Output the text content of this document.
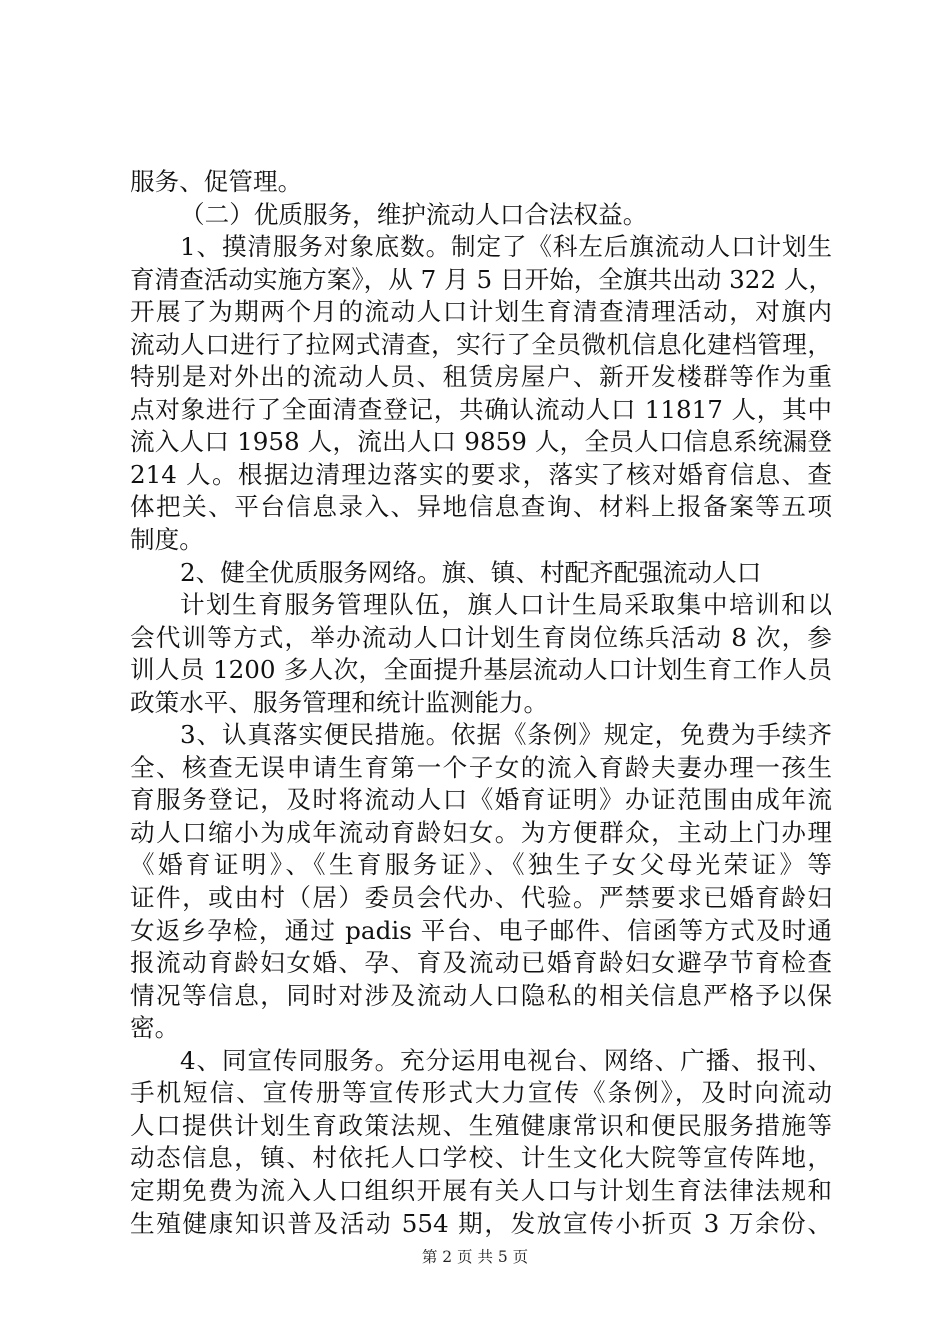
服务、促管理。
（二）优质服务，维护流动人口合法权益。
1、摸清服务对象底数。制定了《科左后旗流动人口计划生
育清查活动实施方案》，从 7 月 5 日开始，全旗共出动 322 人，
开展了为期两个月的流动人口计划生育清查清理活动，对旗内
流动人口进行了拉网式清查，实行了全员微机信息化建档管理，
特别是对外出的流动人员、租赁房屋户、新开发楼群等作为重
点对象进行了全面清查登记，共确认流动人口 11817 人，其中
流入人口 1958 人，流出人口 9859 人，全员人口信息系统漏登
214 人。根据边清理边落实的要求，落实了核对婚育信息、查
体把关、平台信息录入、异地信息查询、材料上报备案等五项
制度。
2、健全优质服务网络。旗、镇、村配齐配强流动人口
计划生育服务管理队伍，旗人口计生局采取集中培训和以
会代训等方式，举办流动人口计划生育岗位练兵活动 8 次，参
训人员 1200 多人次，全面提升基层流动人口计划生育工作人员
政策水平、服务管理和统计监测能力。
3、认真落实便民措施。依据《条例》规定，免费为手续齐
全、核查无误申请生育第一个子女的流入育龄夫妻办理一孩生
育服务登记，及时将流动人口《婚育证明》办证范围由成年流
动人口缩小为成年流动育龄妇女。为方便群众，主动上门办理
《婚育证明》、《生育服务证》、《独生子女父母光荣证》等
证件，或由村（居）委员会代办、代验。严禁要求已婚育龄妇
女返乡孕检，通过 padis 平台、电子邮件、信函等方式及时通
报流动育龄妇女婚、孕、育及流动已婚育龄妇女避孕节育检查
情况等信息，同时对涉及流动人口隐私的相关信息严格予以保
密。
4、同宣传同服务。充分运用电视台、网络、广播、报刊、
手机短信、宣传册等宣传形式大力宣传《条例》，及时向流动
人口提供计划生育政策法规、生殖健康常识和便民服务措施等
动态信息，镇、村依托人口学校、计生文化大院等宣传阵地，
定期免费为流入人口组织开展有关人口与计划生育法律法规和
生殖健康知识普及活动 554 期，发放宣传小折页 3 万余份、
第 2 页 共 5 页
